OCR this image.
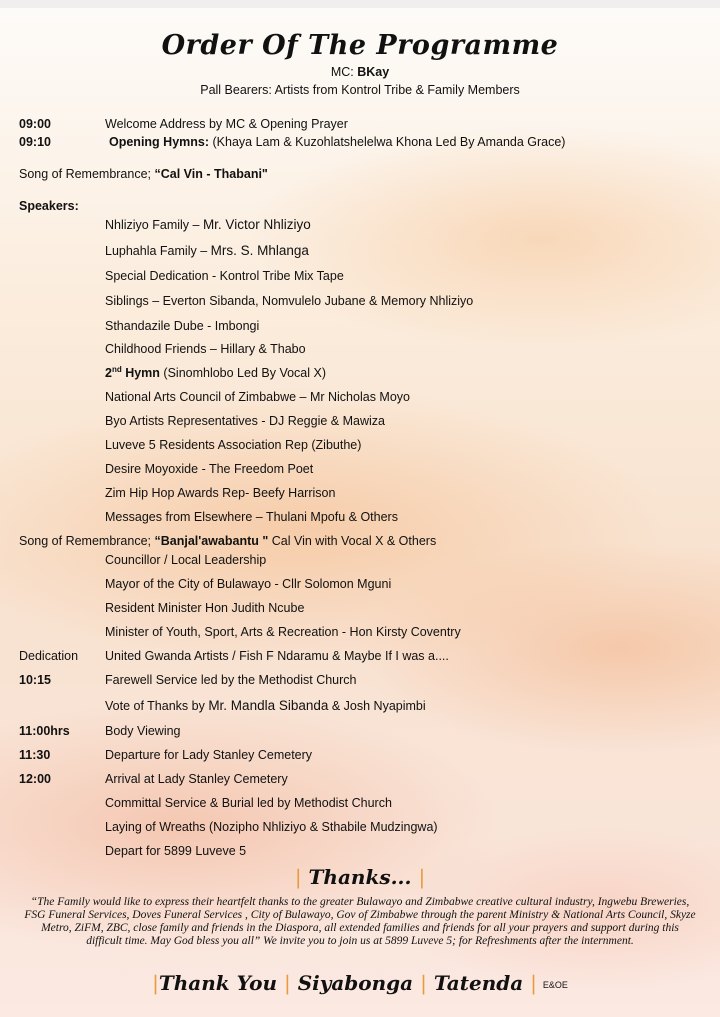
Order Of The Programme
MC: BKay
Pall Bearers: Artists from Kontrol Tribe & Family Members
09:00	Welcome Address by MC & Opening Prayer
09:10	Opening Hymns: (Khaya Lam & Kuzohlatshelelwa Khona Led By Amanda Grace)
Song of Remembrance; “Cal Vin - Thabani"
Speakers:
Nhliziyo Family – Mr. Victor Nhliziyo
Luphahla Family – Mrs. S. Mhlanga
Special Dedication - Kontrol Tribe Mix Tape
Siblings – Everton Sibanda, Nomvulelo Jubane & Memory Nhliziyo
Sthandazile Dube - Imbongi
Childhood Friends – Hillary & Thabo
2nd Hymn (Sinomhlobo Led By Vocal X)
National Arts Council of Zimbabwe – Mr Nicholas Moyo
Byo Artists Representatives - DJ Reggie & Mawiza
Luveve 5 Residents Association Rep (Zibuthe)
Desire Moyoxide - The Freedom Poet
Zim Hip Hop Awards Rep- Beefy Harrison
Messages from Elsewhere – Thulani Mpofu & Others
Song of Remembrance; “Banjal'awabantu " Cal Vin with Vocal X & Others
Councillor / Local Leadership
Mayor of the City of Bulawayo - Cllr Solomon Mguni
Resident Minister Hon Judith Ncube
Minister of Youth, Sport, Arts & Recreation - Hon Kirsty Coventry
Dedication United Gwanda Artists / Fish F Ndaramu & Maybe If I was a....
10:15	Farewell Service led by the Methodist Church
Vote of Thanks by Mr. Mandla Sibanda & Josh Nyapimbi
11:00hrs	Body Viewing
11:30	Departure for Lady Stanley Cemetery
12:00	Arrival at Lady Stanley Cemetery
Committal Service & Burial led by Methodist Church
Laying of Wreaths (Nozipho Nhliziyo & Sthabile Mudzingwa)
Depart for 5899 Luveve 5
| Thanks... |
“The Family would like to express their heartfelt thanks to the greater Bulawayo and Zimbabwe creative cultural industry, Ingwebu Breweries, FSG Funeral Services, Doves Funeral Services , City of Bulawayo, Gov of Zimbabwe through the parent Ministry & National Arts Council, Skyze Metro, ZiFM, ZBC, close family and friends in the Diaspora, all extended families and friends for all your prayers and support during this difficult time. May God bless you all” We invite you to join us at 5899 Luveve 5; for Refreshments after the internment.
|Thank You | Siyabonga | Tatenda | E&OE
